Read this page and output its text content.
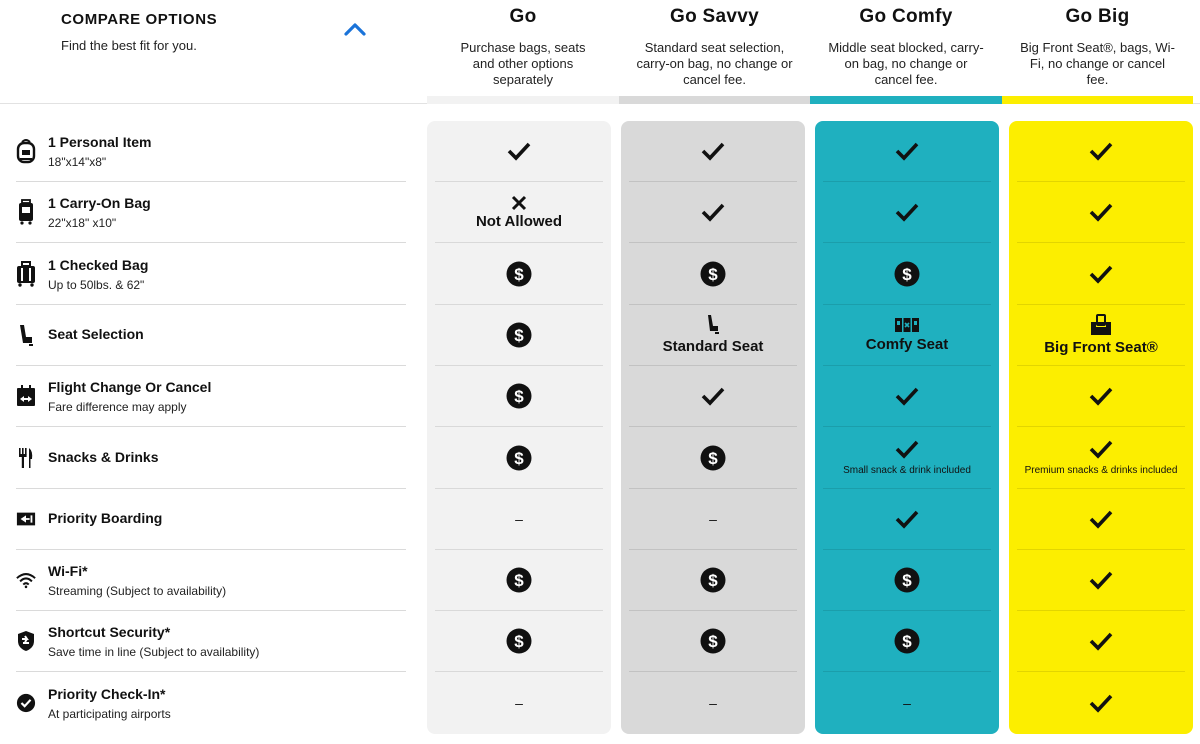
COMPARE OPTIONS
Find the best fit for you.
Go
Purchase bags, seats and other options separately
Go Savvy
Standard seat selection, carry-on bag, no change or cancel fee.
Go Comfy
Middle seat blocked, carry-on bag, no change or cancel fee.
Go Big
Big Front Seat®, bags, Wi-Fi, no change or cancel fee.
1 Personal Item
18"x14"x8"
1 Carry-On Bag
22"x18" x10"
1 Checked Bag
Up to 50lbs. & 62"
Seat Selection
Flight Change Or Cancel
Fare difference may apply
Snacks & Drinks
Priority Boarding
Wi-Fi*
Streaming (Subject to availability)
Shortcut Security*
Save time in line (Subject to availability)
Priority Check-In*
At participating airports
Not Allowed
$
$
$
$
–
$
$
–
$
Standard Seat
$
–
$
$
–
$
Comfy Seat
Small snack & drink included
$
$
–
Big Front Seat®
Premium snacks & drinks included
